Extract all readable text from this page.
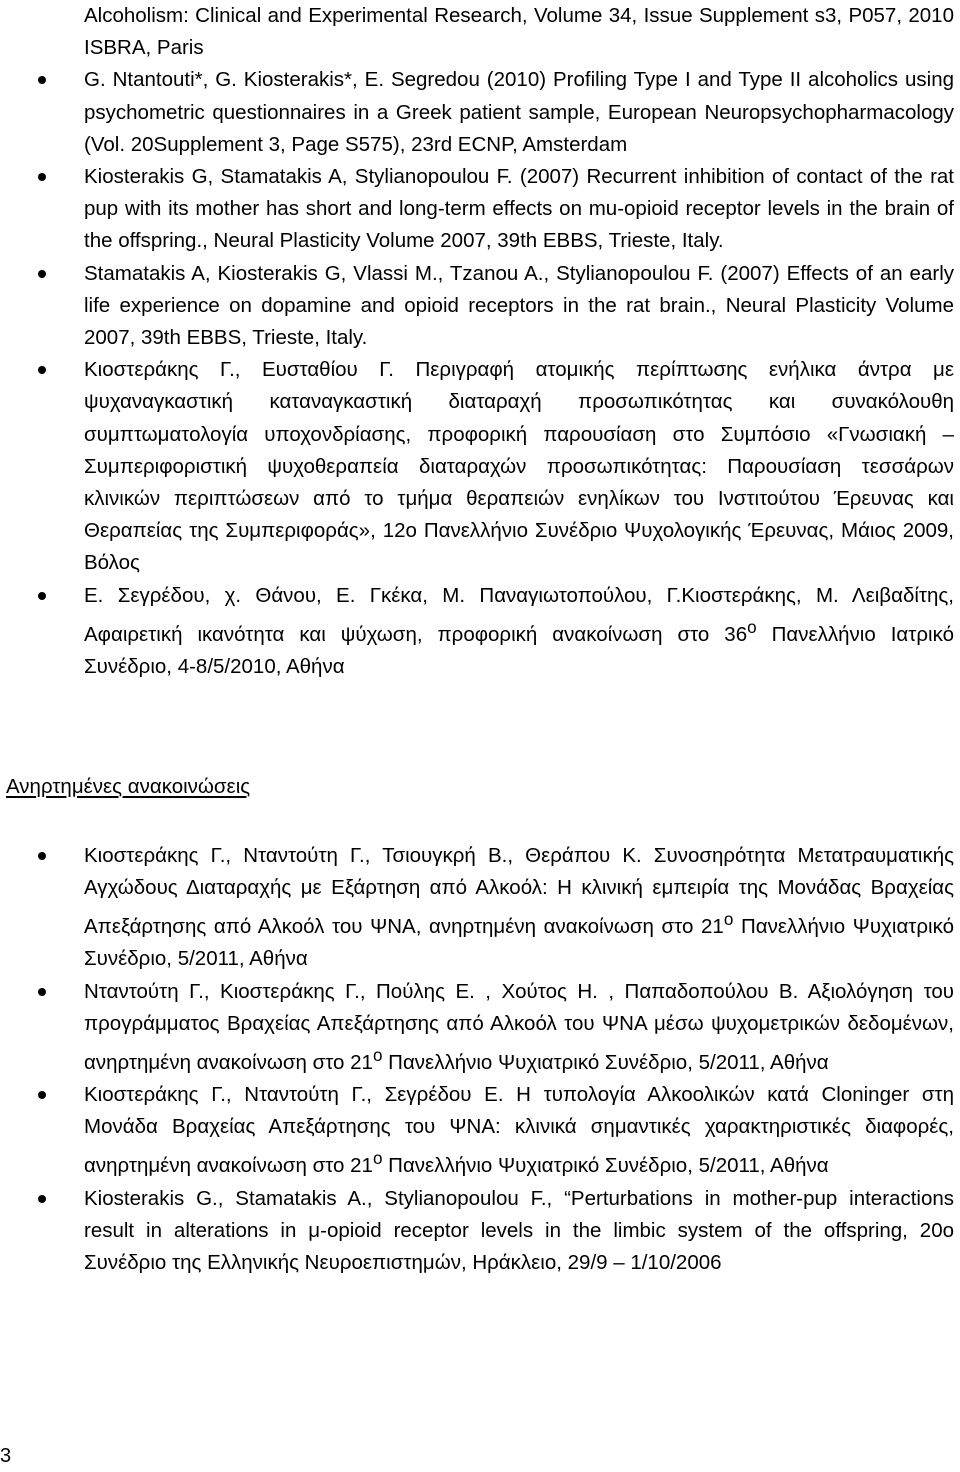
Alcoholism: Clinical and Experimental Research, Volume 34, Issue Supplement s3, P057, 2010 ISBRA, Paris
G. Ntantouti*, G. Kiosterakis*, E. Segredou (2010) Profiling Type I and Type II alcoholics using psychometric questionnaires in a Greek patient sample, European Neuropsychopharmacology (Vol. 20Supplement 3, Page S575), 23rd ECNP, Amsterdam
Kiosterakis G, Stamatakis A, Stylianopoulou F. (2007) Recurrent inhibition of contact of the rat pup with its mother has short and long-term effects on mu-opioid receptor levels in the brain of the offspring., Neural Plasticity Volume 2007, 39th EBBS, Trieste, Italy.
Stamatakis A, Kiosterakis G, Vlassi M., Tzanou A., Stylianopoulou F. (2007) Effects of an early life experience on dopamine and opioid receptors in the rat brain., Neural Plasticity Volume 2007, 39th EBBS, Trieste, Italy.
Κιοστεράκης Γ., Ευσταθίου Γ. Περιγραφή ατομικής περίπτωσης ενήλικα άντρα με ψυχαναγκαστική καταναγκαστική διαταραχή προσωπικότητας και συνακόλουθη συμπτωματολογία υποχονδρίασης, προφορική παρουσίαση στο Συμπόσιο «Γνωσιακή – Συμπεριφοριστική ψυχοθεραπεία διαταραχών προσωπικότητας: Παρουσίαση τεσσάρων κλινικών περιπτώσεων από το τμήμα θεραπειών ενηλίκων του Ινστιτούτου Έρευνας και Θεραπείας της Συμπεριφοράς», 12ο Πανελλήνιο Συνέδριο Ψυχολογικής Έρευνας, Μάιος 2009, Βόλος
Ε. Σεγρέδου, χ. Θάνου, Ε. Γκέκα, Μ. Παναγιωτοπούλου, Γ.Κιοστεράκης, Μ. Λειβαδίτης, Αφαιρετική ικανότητα και ψύχωση, προφορική ανακοίνωση στο $36^o$ Πανελλήνιο Ιατρικό Συνέδριο, 4-8/5/2010, Αθήνα
Ανηρτημένες ανακοινώσεις
Κιοστεράκης Γ., Νταντούτη Γ., Τσιουγκρή Β., Θεράπου Κ. Συνοσηρότητα Μετατραυματικής Αγχώδους Διαταραχής με Εξάρτηση από Αλκοόλ: Η κλινική εμπειρία της Μονάδας Βραχείας Απεξάρτησης από Αλκοόλ του ΨΝΑ, ανηρτημένη ανακοίνωση στο $21^o$ Πανελλήνιο Ψυχιατρικό Συνέδριο, 5/2011, Αθήνα
Νταντούτη Γ., Κιοστεράκης Γ., Πούλης Ε. , Χούτος Η. , Παπαδοπούλου Β. Αξιολόγηση του προγράμματος Βραχείας Απεξάρτησης από Αλκοόλ του ΨΝΑ μέσω ψυχομετρικών δεδομένων, ανηρτημένη ανακοίνωση στο $21^o$ Πανελλήνιο Ψυχιατρικό Συνέδριο, 5/2011, Αθήνα
Κιοστεράκης Γ., Νταντούτη Γ., Σεγρέδου Ε. Η τυπολογία Αλκοολικών κατά Cloninger στη Μονάδα Βραχείας Απεξάρτησης του ΨΝΑ: κλινικά σημαντικές χαρακτηριστικές διαφορές, ανηρτημένη ανακοίνωση στο $21^o$ Πανελλήνιο Ψυχιατρικό Συνέδριο, 5/2011, Αθήνα
Kiosterakis G., Stamatakis A., Stylianopoulou F., “Perturbations in mother-pup interactions result in alterations in μ-opioid receptor levels in the limbic system of the offspring, 20ο Συνέδριο της Ελληνικής Νευροεπιστημών, Ηράκλειο, 29/9 – 1/10/2006
3
